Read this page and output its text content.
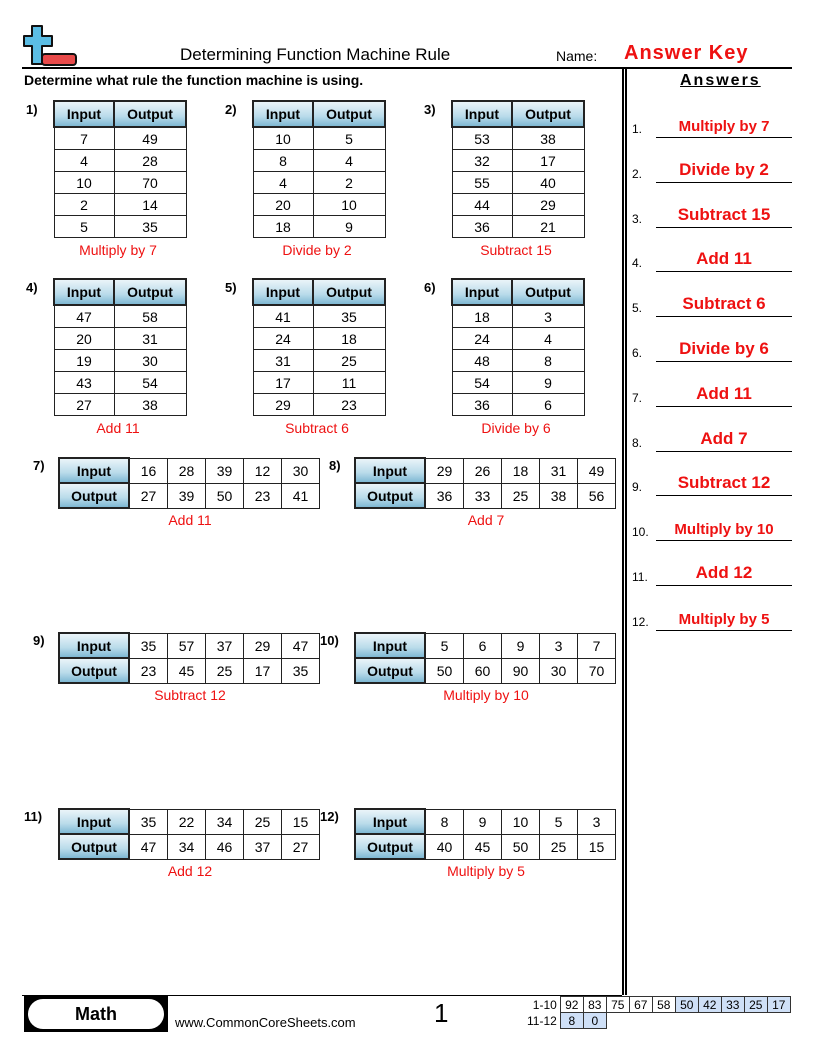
Determining Function Machine Rule	Name: Answer Key
Determine what rule the function machine is using.
1) Input	Output
7	49
4	28
10	70
2	14
5	35
Multiply by 7
2) Input	Output
10	5
8	4
4	2
20	10
18	9
Divide by 2
3) Input	Output
53	38
32	17
55	40
44	29
36	21
Subtract 15
4) Input	Output
47	58
20	31
19	30
43	54
27	38
Add 11
5) Input	Output
41	35
24	18
31	25
17	11
29	23
Subtract 6
6) Input	Output
18	3
24	4
48	8
54	9
36	6
Divide by 6
7) Input	16	28	39	12	30
Output	27	39	50	23	41
Add 11
8) Input	29	26	18	31	49
Output	36	33	25	38	56
Add 7
9) Input	35	57	37	29	47
Output	23	45	25	17	35
Subtract 12
10) Input	5	6	9	3	7
Output	50	60	90	30	70
Multiply by 10
11) Input	35	22	34	25	15
Output	47	34	46	37	27
Add 12
12) Input	8	9	10	5	3
Output	40	45	50	25	15
Multiply by 5
Answers
1.	Multiply by 7
2.	Divide by 2
3.	Subtract 15
4.	Add 11
5.	Subtract 6
6.	Divide by 6
7.	Add 11
8.	Add 7
9.	Subtract 12
10.	Multiply by 10
11.	Add 12
12.	Multiply by 5
Math	www.CommonCoreSheets.com	1	1-10	92	83	75	67	58	50	42	33	25	17
11-12	8	0								
